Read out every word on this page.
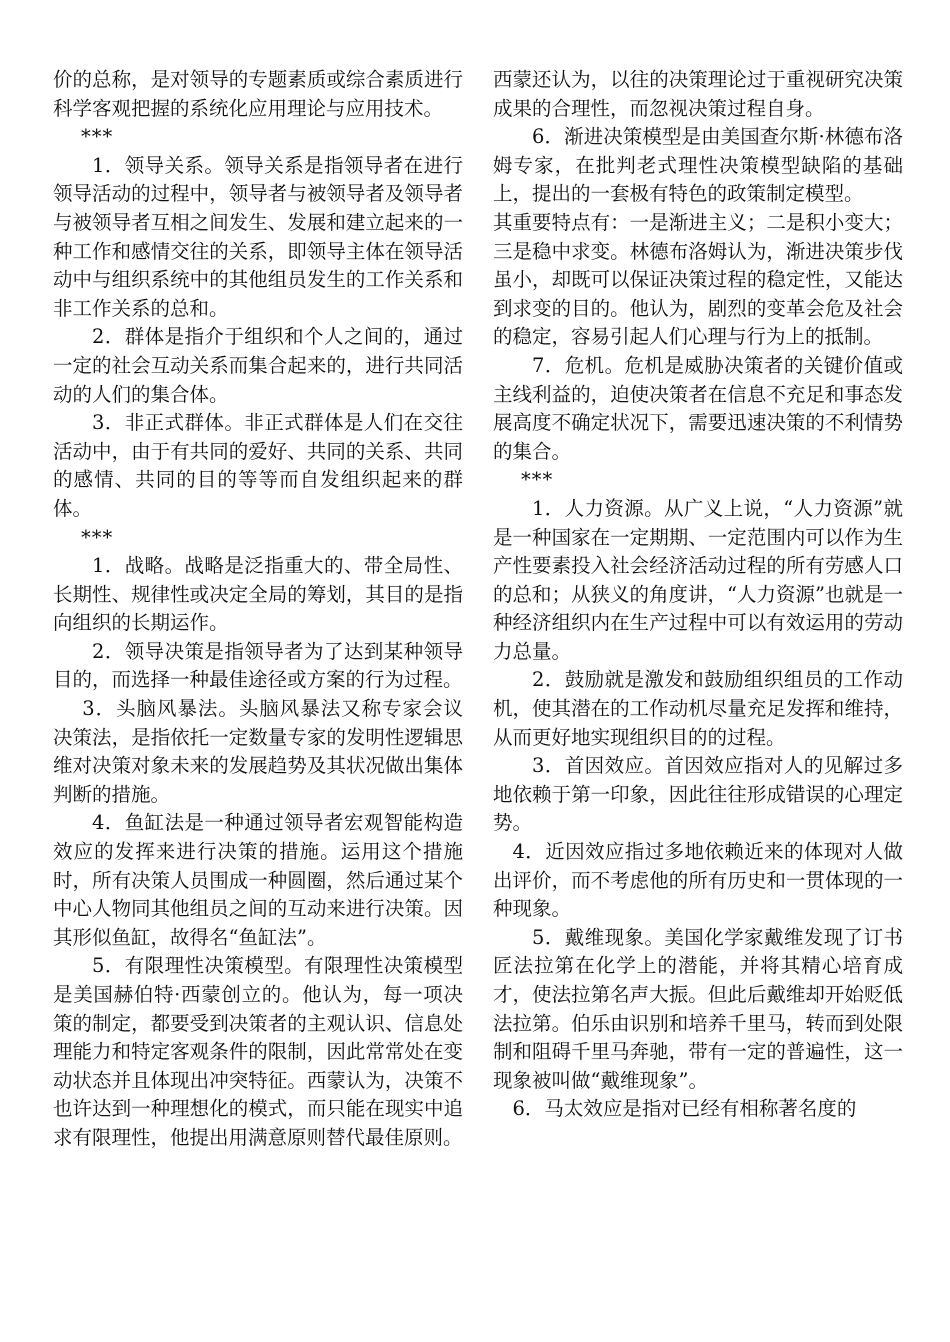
价的总称，是对领导的专题素质或综合素质进行科学客观把握的系统化应用理论与应用技术。

***

1．领导关系。领导关系是指领导者在进行领导活动的过程中，领导者与被领导者及领导者与被领导者互相之间发生、发展和建立起来的一种工作和感情交往的关系，即领导主体在领导活动中与组织系统中的其他组员发生的工作关系和非工作关系的总和。

2．群体是指介于组织和个人之间的，通过一定的社会互动关系而集合起来的，进行共同活动的人们的集合体。

3．非正式群体。非正式群体是人们在交往活动中，由于有共同的爱好、共同的关系、共同的感情、共同的目的等等而自发组织起来的群体。

***

1．战略。战略是泛指重大的、带全局性、长期性、规律性或决定全局的筹划，其目的是指向组织的长期运作。

2．领导决策是指领导者为了达到某种领导目的，而选择一种最佳途径或方案的行为过程。

3．头脑风暴法。头脑风暴法又称专家会议决策法，是指依托一定数量专家的发明性逻辑思维对决策对象未来的发展趋势及其状况做出集体判断的措施。

4．鱼缸法是一种通过领导者宏观智能构造效应的发挥来进行决策的措施。运用这个措施时，所有决策人员围成一种圆圈，然后通过某个中心人物同其他组员之间的互动来进行决策。因其形似鱼缸，故得名“鱼缸法”。

5．有限理性决策模型。有限理性决策模型是美国赫伯特·西蒙创立的。他认为，每一项决策的制定，都要受到决策者的主观认识、信息处理能力和特定客观条件的限制，因此常常处在变动状态并且体现出冲突特征。西蒙认为，决策不也许达到一种理想化的模式，而只能在现实中追求有限理性，他提出用满意原则替代最佳原则。

西蒙还认为，以往的决策理论过于重视研究决策成果的合理性，而忽视决策过程自身。

6．渐进决策模型是由美国查尔斯·林德布洛姆专家，在批判老式理性决策模型缺陷的基础上，提出的一套极有特色的政策制定模型。

其重要特点有：一是渐进主义；二是积小变大；三是稳中求变。林德布洛姆认为，渐进决策步伐虽小，却既可以保证决策过程的稳定性，又能达到求变的目的。他认为，剧烈的变革会危及社会的稳定，容易引起人们心理与行为上的抵制。

7．危机。危机是威胁决策者的关键价值或主线利益的，迫使决策者在信息不充足和事态发展高度不确定状况下，需要迅速决策的不利情势的集合。

***

1．人力资源。从广义上说，“人力资源”就是一种国家在一定期期、一定范围内可以作为生产性要素投入社会经济活动过程的所有劳感人口的总和；从狭义的角度讲，“人力资源”也就是一种经济组织内在生产过程中可以有效运用的劳动力总量。

2．鼓励就是激发和鼓励组织组员的工作动机，使其潜在的工作动机尽量充足发挥和维持，从而更好地实现组织目的的过程。

3．首因效应。首因效应指对人的见解过多地依赖于第一印象，因此往往形成错误的心理定势。

4．近因效应指过多地依赖近来的体现对人做出评价，而不考虑他的所有历史和一贯体现的一种现象。

5．戴维现象。美国化学家戴维发现了订书匠法拉第在化学上的潜能，并将其精心培育成才，使法拉第名声大振。但此后戴维却开始贬低法拉第。伯乐由识别和培养千里马，转而到处限制和阻碍千里马奔驰，带有一定的普遍性，这一现象被叫做“戴维现象”。

6．马太效应是指对已经有相称著名度的
